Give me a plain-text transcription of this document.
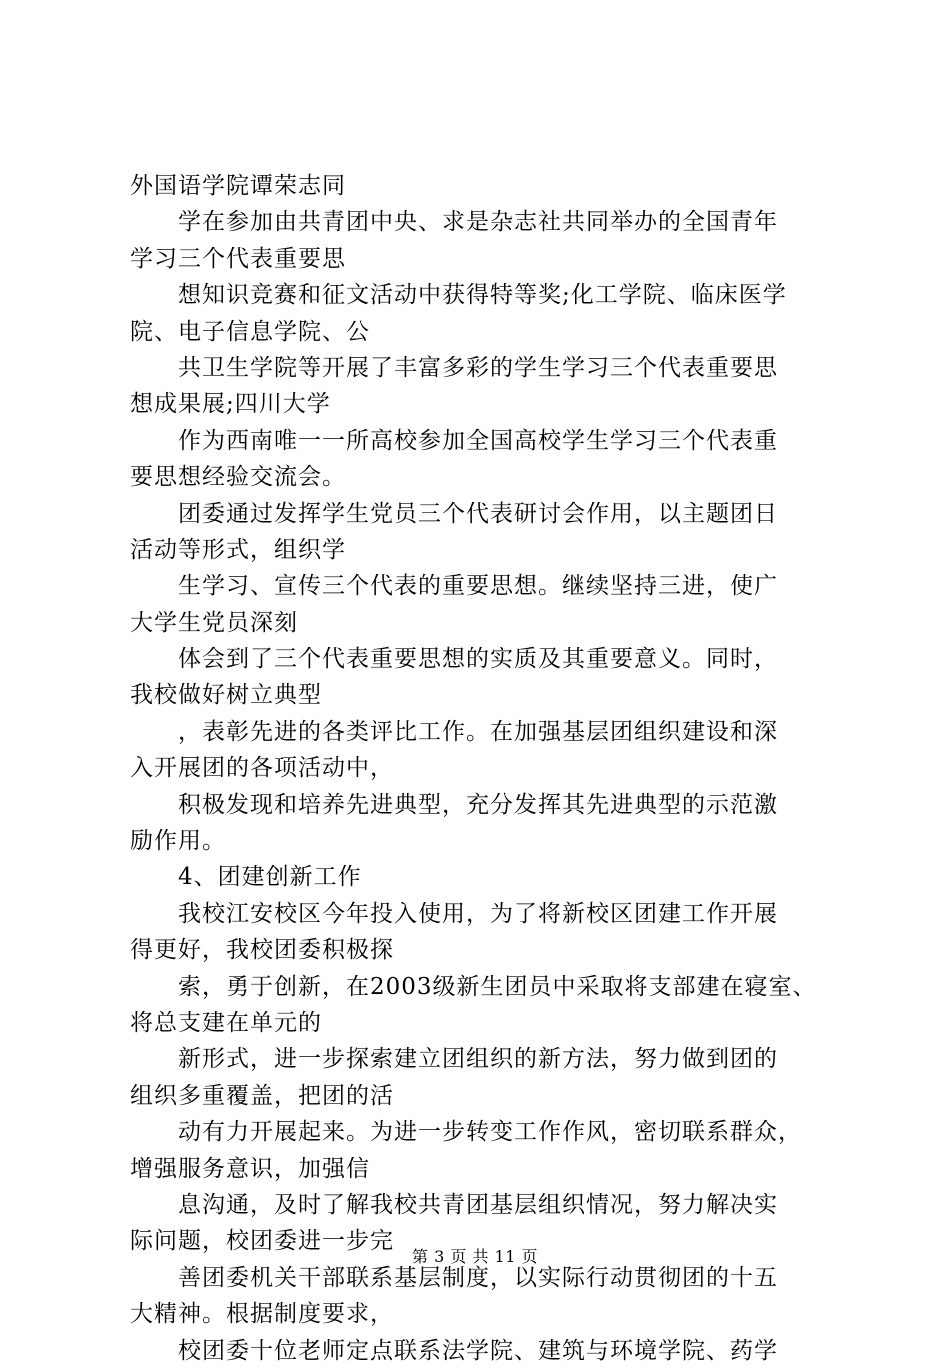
外国语学院谭荣志同
学在参加由共青团中央、求是杂志社共同举办的全国青年
学习三个代表重要思
想知识竞赛和征文活动中获得特等奖;化工学院、临床医学
院、电子信息学院、公
共卫生学院等开展了丰富多彩的学生学习三个代表重要思
想成果展;四川大学
作为西南唯一一所高校参加全国高校学生学习三个代表重
要思想经验交流会。
团委通过发挥学生党员三个代表研讨会作用，以主题团日
活动等形式，组织学
生学习、宣传三个代表的重要思想。继续坚持三进，使广
大学生党员深刻
体会到了三个代表重要思想的实质及其重要意义。同时，
我校做好树立典型
，表彰先进的各类评比工作。在加强基层团组织建设和深
入开展团的各项活动中，
积极发现和培养先进典型，充分发挥其先进典型的示范激
励作用。
4、团建创新工作
我校江安校区今年投入使用，为了将新校区团建工作开展
得更好，我校团委积极探
索，勇于创新，在2003级新生团员中采取将支部建在寝室、
将总支建在单元的
新形式，进一步探索建立团组织的新方法，努力做到团的
组织多重覆盖，把团的活
动有力开展起来。为进一步转变工作作风，密切联系群众，
增强服务意识，加强信
息沟通，及时了解我校共青团基层组织情况，努力解决实
际问题，校团委进一步完
善团委机关干部联系基层制度，以实际行动贯彻团的十五
大精神。根据制度要求，
校团委十位老师定点联系法学院、建筑与环境学院、药学
第 3 页 共 11 页
